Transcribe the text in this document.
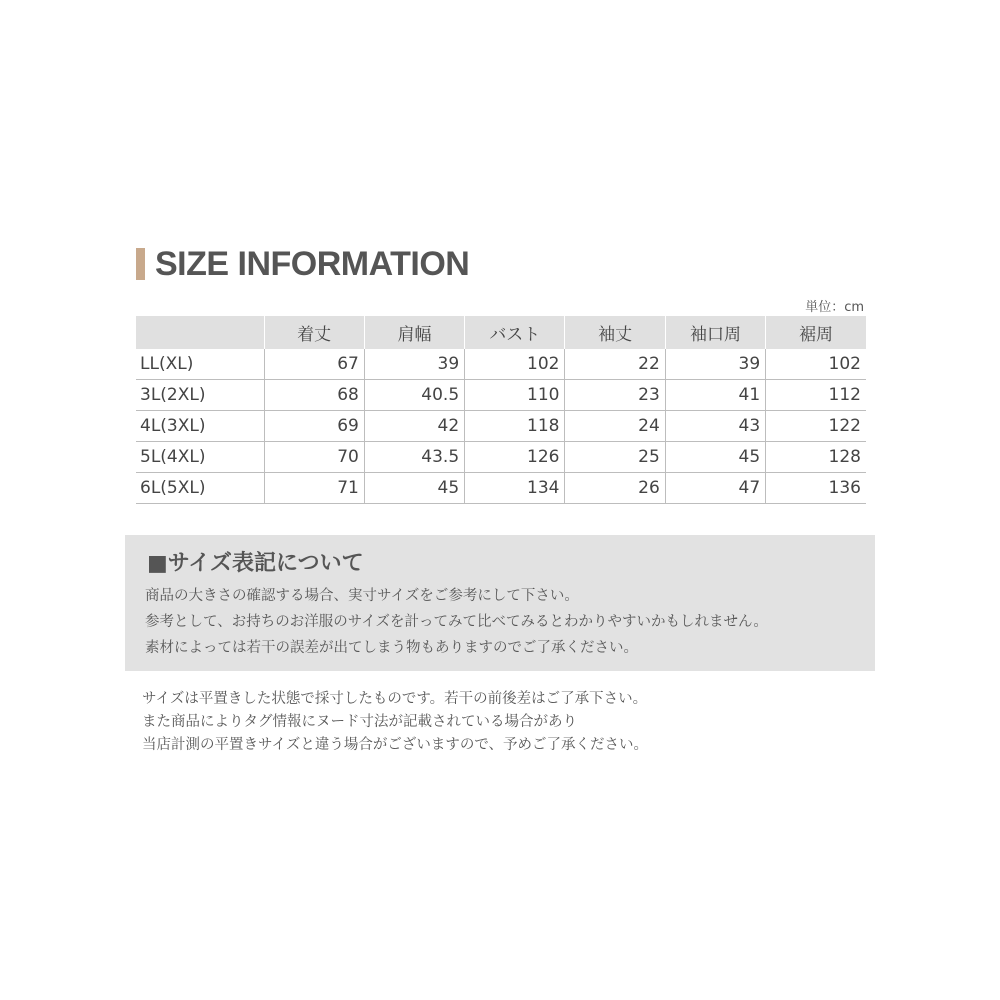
SIZE INFORMATION
単位：cm
	着丈	肩幅	バスト	袖丈	袖口周	裾周
LL(XL)	67	39	102	22	39	102
3L(2XL)	68	40.5	110	23	41	112
4L(3XL)	69	42	118	24	43	122
5L(4XL)	70	43.5	126	25	45	128
6L(5XL)	71	45	134	26	47	136
■サイズ表記について
商品の大きさの確認する場合、実寸サイズをご参考にして下さい。
参考として、お持ちのお洋服のサイズを計ってみて比べてみるとわかりやすいかもしれません。
素材によっては若干の誤差が出てしまう物もありますのでご了承ください。
サイズは平置きした状態で採寸したものです。若干の前後差はご了承下さい。
また商品によりタグ情報にヌード寸法が記載されている場合があり
当店計測の平置きサイズと違う場合がございますので、予めご了承ください。
